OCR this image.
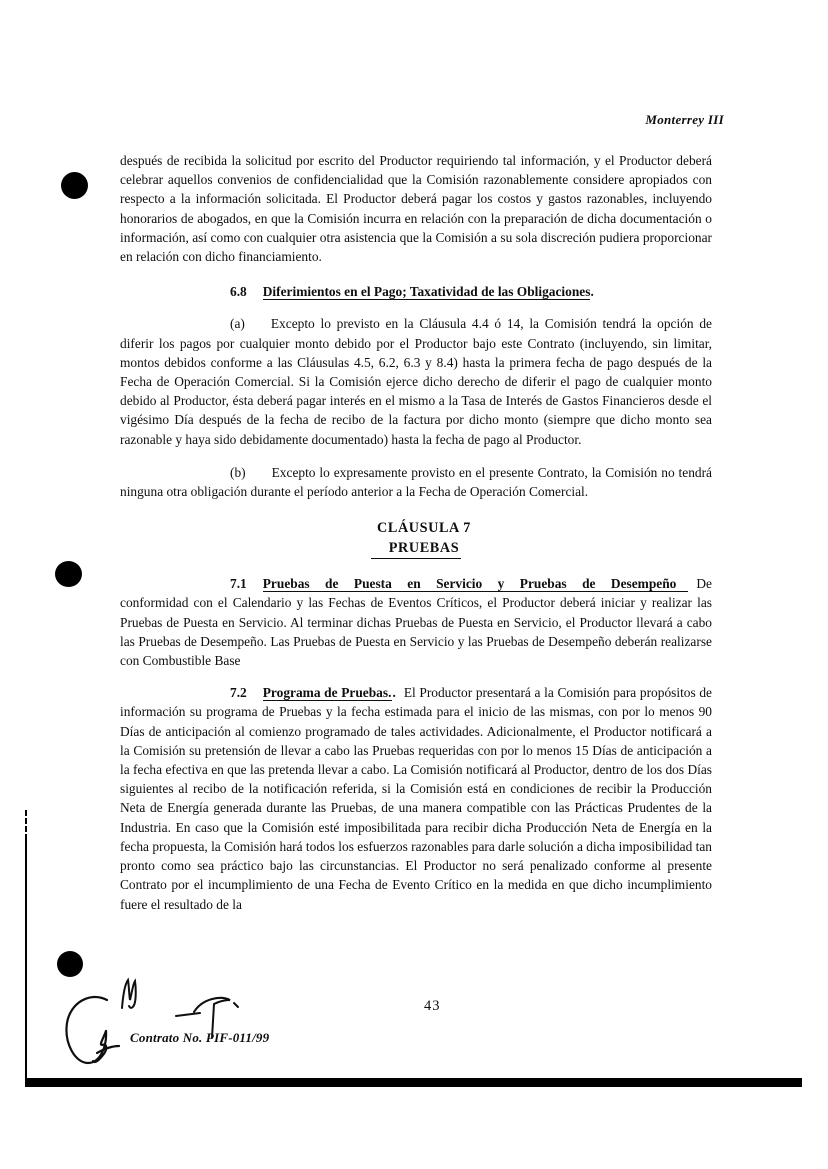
Monterrey III

después de recibida la solicitud por escrito del Productor requiriendo tal información, y el Productor deberá celebrar aquellos convenios de confidencialidad que la Comisión razonablemente considere apropiados con respecto a la información solicitada. El Productor deberá pagar los costos y gastos razonables, incluyendo honorarios de abogados, en que la Comisión incurra en relación con la preparación de dicha documentación o información, así como con cualquier otra asistencia que la Comisión a su sola discreción pudiera proporcionar en relación con dicho financiamiento.

6.8 Diferimientos en el Pago; Taxatividad de las Obligaciones.

(a) Excepto lo previsto en la Cláusula 4.4 ó 14, la Comisión tendrá la opción de diferir los pagos por cualquier monto debido por el Productor bajo este Contrato (incluyendo, sin limitar, montos debidos conforme a las Cláusulas 4.5, 6.2, 6.3 y 8.4) hasta la primera fecha de pago después de la Fecha de Operación Comercial. Si la Comisión ejerce dicho derecho de diferir el pago de cualquier monto debido al Productor, ésta deberá pagar interés en el mismo a la Tasa de Interés de Gastos Financieros desde el vigésimo Día después de la fecha de recibo de la factura por dicho monto (siempre que dicho monto sea razonable y haya sido debidamente documentado) hasta la fecha de pago al Productor.

(b) Excepto lo expresamente provisto en el presente Contrato, la Comisión no tendrá ninguna otra obligación durante el período anterior a la Fecha de Operación Comercial.

CLÁUSULA 7
PRUEBAS

7.1 Pruebas de Puesta en Servicio y Pruebas de Desempeño De conformidad con el Calendario y las Fechas de Eventos Críticos, el Productor deberá iniciar y realizar las Pruebas de Puesta en Servicio. Al terminar dichas Pruebas de Puesta en Servicio, el Productor llevará a cabo las Pruebas de Desempeño. Las Pruebas de Puesta en Servicio y las Pruebas de Desempeño deberán realizarse con Combustible Base

7.2 Programa de Pruebas.. El Productor presentará a la Comisión para propósitos de información su programa de Pruebas y la fecha estimada para el inicio de las mismas, con por lo menos 90 Días de anticipación al comienzo programado de tales actividades. Adicionalmente, el Productor notificará a la Comisión su pretensión de llevar a cabo las Pruebas requeridas con por lo menos 15 Días de anticipación a la fecha efectiva en que las pretenda llevar a cabo. La Comisión notificará al Productor, dentro de los dos Días siguientes al recibo de la notificación referida, si la Comisión está en condiciones de recibir la Producción Neta de Energía generada durante las Pruebas, de una manera compatible con las Prácticas Prudentes de la Industria. En caso que la Comisión esté imposibilitada para recibir dicha Producción Neta de Energía en la fecha propuesta, la Comisión hará todos los esfuerzos razonables para darle solución a dicha imposibilidad tan pronto como sea práctico bajo las circunstancias. El Productor no será penalizado conforme al presente Contrato por el incumplimiento de una Fecha de Evento Crítico en la medida en que dicho incumplimiento fuere el resultado de la

43
Contrato No. PIF-011/99
